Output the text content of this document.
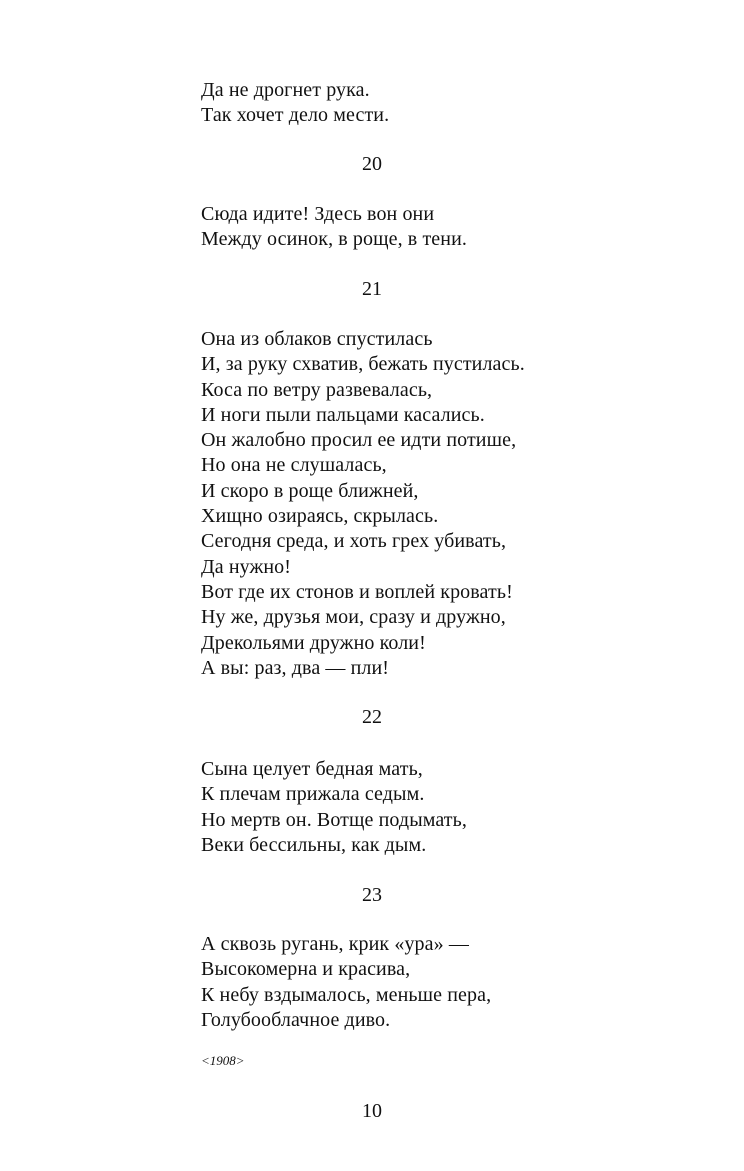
Да не дрогнет рука.
Так хочет дело мести.
20
Сюда идите! Здесь вон они
Между осинок, в роще, в тени.
21
Она из облаков спустилась
И, за руку схватив, бежать пустилась.
Коса по ветру развевалась,
И ноги пыли пальцами касались.
Он жалобно просил ее идти потише,
Но она не слушалась,
И скоро в роще ближней,
Хищно озираясь, скрылась.
Сегодня среда, и хоть грех убивать,
Да нужно!
Вот где их стонов и воплей кровать!
Ну же, друзья мои, сразу и дружно,
Дрекольями дружно коли!
А вы: раз, два — пли!
22
Сына целует бедная мать,
К плечам прижала седым.
Но мертв он. Вотще подымать,
Веки бессильны, как дым.
23
А сквозь ругань, крик «ура» —
Высокомерна и красива,
К небу вздымалось, меньше пера,
Голубооблачное диво.
<1908>
10
